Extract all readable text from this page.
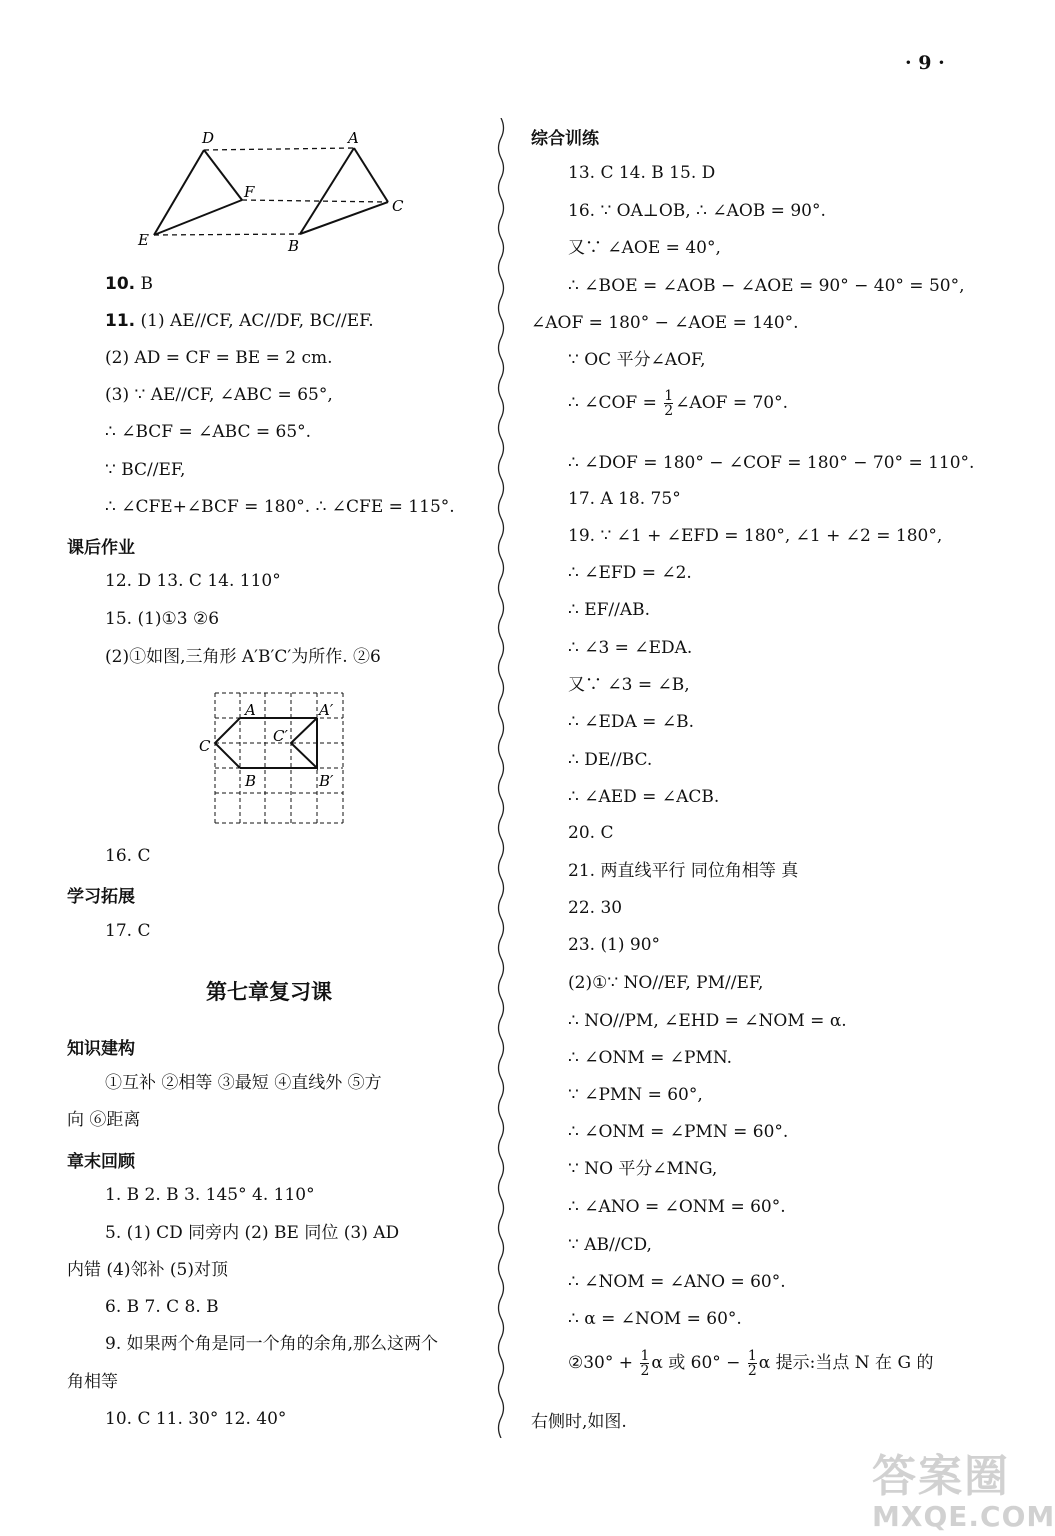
· 9 ·
D	A
F
C
E	B
10. B
11. (1) AE//CF, AC//DF, BC//EF.
(2) AD = CF = BE = 2 cm.
(3) ∵ AE//CF, ∠ABC = 65°,
∴ ∠BCF = ∠ABC = 65°.
∵ BC//EF,
∴ ∠CFE+∠BCF = 180°. ∴ ∠CFE = 115°.
课后作业
12. D 13. C 14. 110°
15. (1)①3 ②6
(2)①如图,三角形 A′B′C′为所作. ②6
A	A′
C
C′
B	B′
16. C
学习拓展
17. C
第七章复习课
知识建构
①互补 ②相等 ③最短 ④直线外 ⑤方
向 ⑥距离
章末回顾
1. B 2. B 3. 145° 4. 110°
5. (1) CD 同旁内 (2) BE 同位 (3) AD
内错 (4)邻补 (5)对顶
6. B 7. C 8. B
9. 如果两个角是同一个角的余角,那么这两个
角相等
10. C 11. 30° 12. 40°
综合训练
13. C 14. B 15. D
16. ∵ OA⊥OB, ∴ ∠AOB = 90°.
又∵ ∠AOE = 40°,
∴ ∠BOE = ∠AOB − ∠AOE = 90° − 40° = 50°,
∠AOF = 180° − ∠AOE = 140°.
∵ OC 平分∠AOF,
∴ ∠COF = $\frac{1}{2}$ ∠AOF = 70°.
∴ ∠DOF = 180° − ∠COF = 180° − 70° = 110°.
17. A 18. 75°
19. ∵ ∠1 + ∠EFD = 180°, ∠1 + ∠2 = 180°,
∴ ∠EFD = ∠2.
∴ EF//AB.
∴ ∠3 = ∠EDA.
又∵ ∠3 = ∠B,
∴ ∠EDA = ∠B.
∴ DE//BC.
∴ ∠AED = ∠ACB.
20. C
21. 两直线平行 同位角相等 真
22. 30
23. (1) 90°
(2)①∵ NO//EF, PM//EF,
∴ NO//PM, ∠EHD = ∠NOM = α.
∴ ∠ONM = ∠PMN.
∵ ∠PMN = 60°,
∴ ∠ONM = ∠PMN = 60°.
∵ NO 平分∠MNG,
∴ ∠ANO = ∠ONM = 60°.
∵ AB//CD,
∴ ∠NOM = ∠ANO = 60°.
∴ α = ∠NOM = 60°.
②30° + $\frac{1}{2}$ α 或 $60^\circ - \frac{1}{2}$ α 提示:当点 N 在 G 的
右侧时,如图.
答案圈
MXQE.COM
